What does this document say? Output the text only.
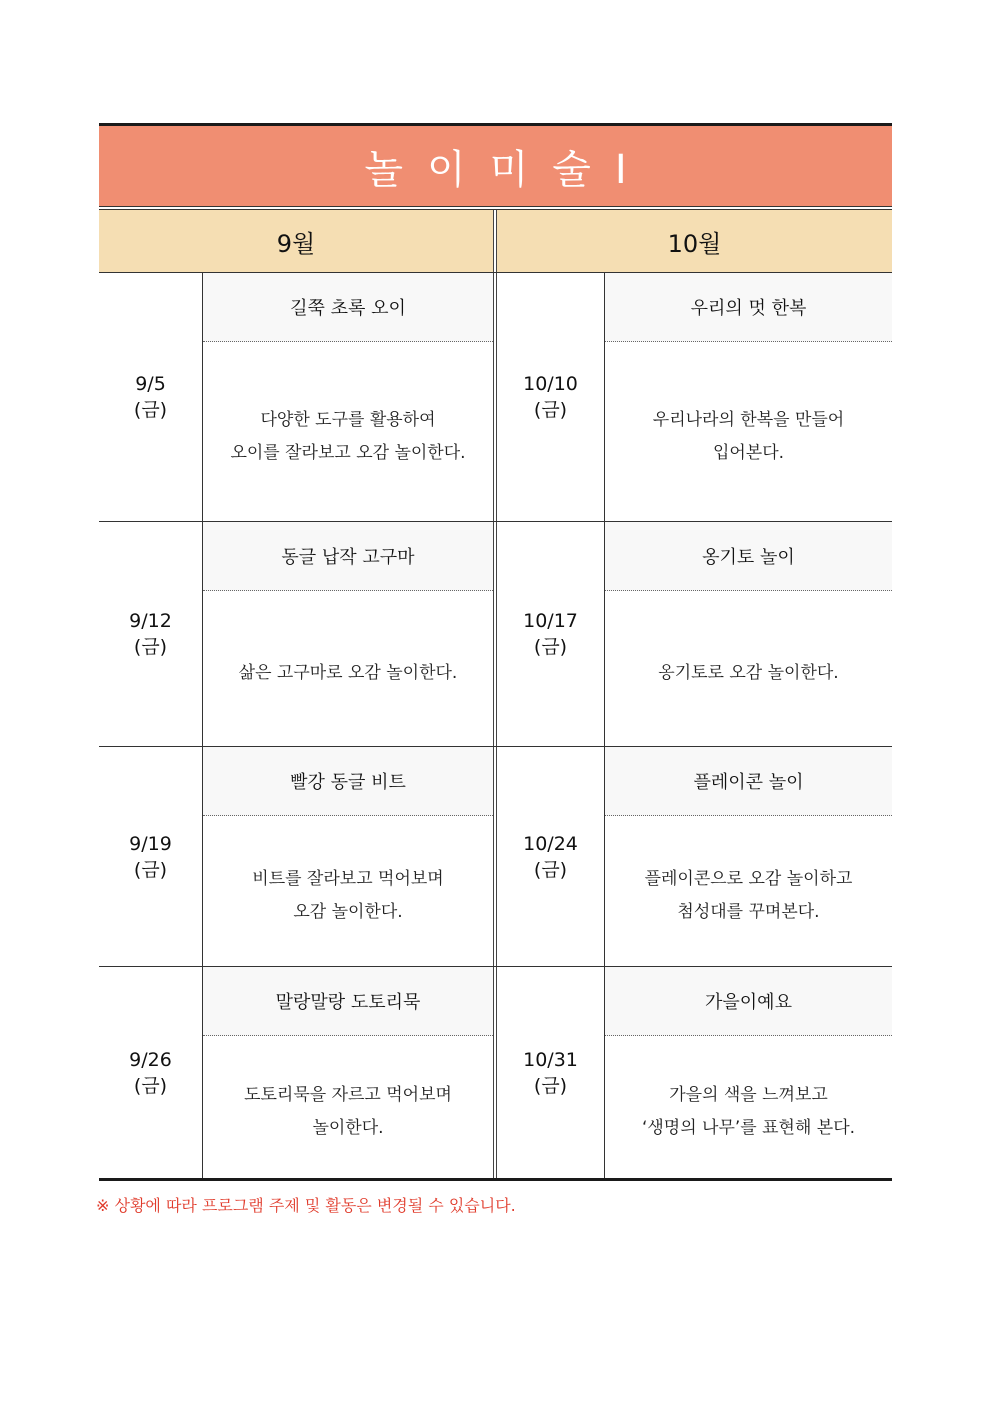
놀이미술Ⅰ
9월	10월
9/5
(금)
길쭉 초록 오이
다양한 도구를 활용하여
오이를 잘라보고 오감 놀이한다.
10/10
(금)
우리의 멋 한복
우리나라의 한복을 만들어
입어본다.
9/12
(금)
동글 납작 고구마
삶은 고구마로 오감 놀이한다.
10/17
(금)
옹기토 놀이
옹기토로 오감 놀이한다.
9/19
(금)
빨강 동글 비트
비트를 잘라보고 먹어보며
오감 놀이한다.
10/24
(금)
플레이콘 놀이
플레이콘으로 오감 놀이하고
첨성대를 꾸며본다.
9/26
(금)
말랑말랑 도토리묵
도토리묵을 자르고 먹어보며
놀이한다.
10/31
(금)
가을이예요
가을의 색을 느껴보고
‘생명의 나무’를 표현해 본다.
※ 상황에 따라 프로그램 주제 및 활동은 변경될 수 있습니다.
